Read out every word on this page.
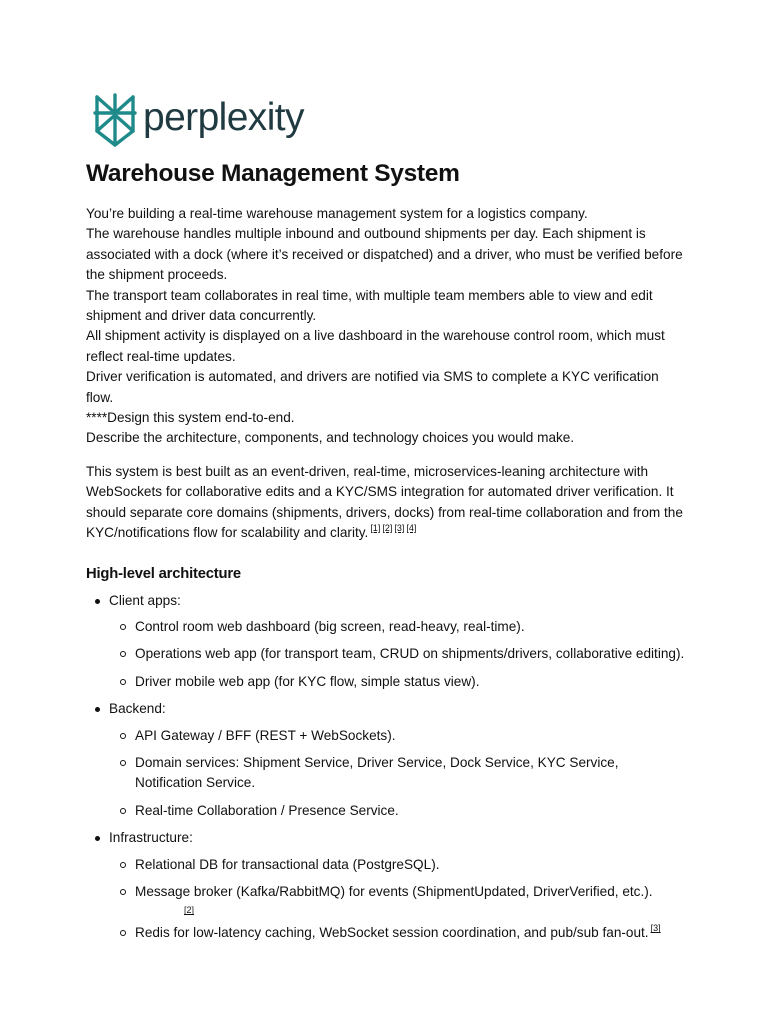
perplexity
Warehouse Management System

You’re building a real-time warehouse management system for a logistics company.

The warehouse handles multiple inbound and outbound shipments per day. Each shipment is associated with a dock (where it’s received or dispatched) and a driver, who must be verified before the shipment proceeds.

The transport team collaborates in real time, with multiple team members able to view and edit shipment and driver data concurrently.

All shipment activity is displayed on a live dashboard in the warehouse control room, which must reflect real-time updates.

Driver verification is automated, and drivers are notified via SMS to complete a KYC verification flow.

****Design this system end-to-end.

Describe the architecture, components, and technology choices you would make.

This system is best built as an event-driven, real-time, microservices-leaning architecture with WebSockets for collaborative edits and a KYC/SMS integration for automated driver verification. It should separate core domains (shipments, drivers, docks) from real-time collaboration and from the KYC/notifications flow for scalability and clarity. [1] [2] [3] [4]

High-level architecture
Client apps:
Control room web dashboard (big screen, read-heavy, real-time).
Operations web app (for transport team, CRUD on shipments/drivers, collaborative editing).
Driver mobile web app (for KYC flow, simple status view).
Backend:
API Gateway / BFF (REST + WebSockets).
Domain services: Shipment Service, Driver Service, Dock Service, KYC Service, Notification Service.
Real-time Collaboration / Presence Service.
Infrastructure:
Relational DB for transactional data (PostgreSQL).
Message broker (Kafka/RabbitMQ) for events (ShipmentUpdated, DriverVerified, etc.).
[2]
Redis for low-latency caching, WebSocket session coordination, and pub/sub fan-out. [3]
